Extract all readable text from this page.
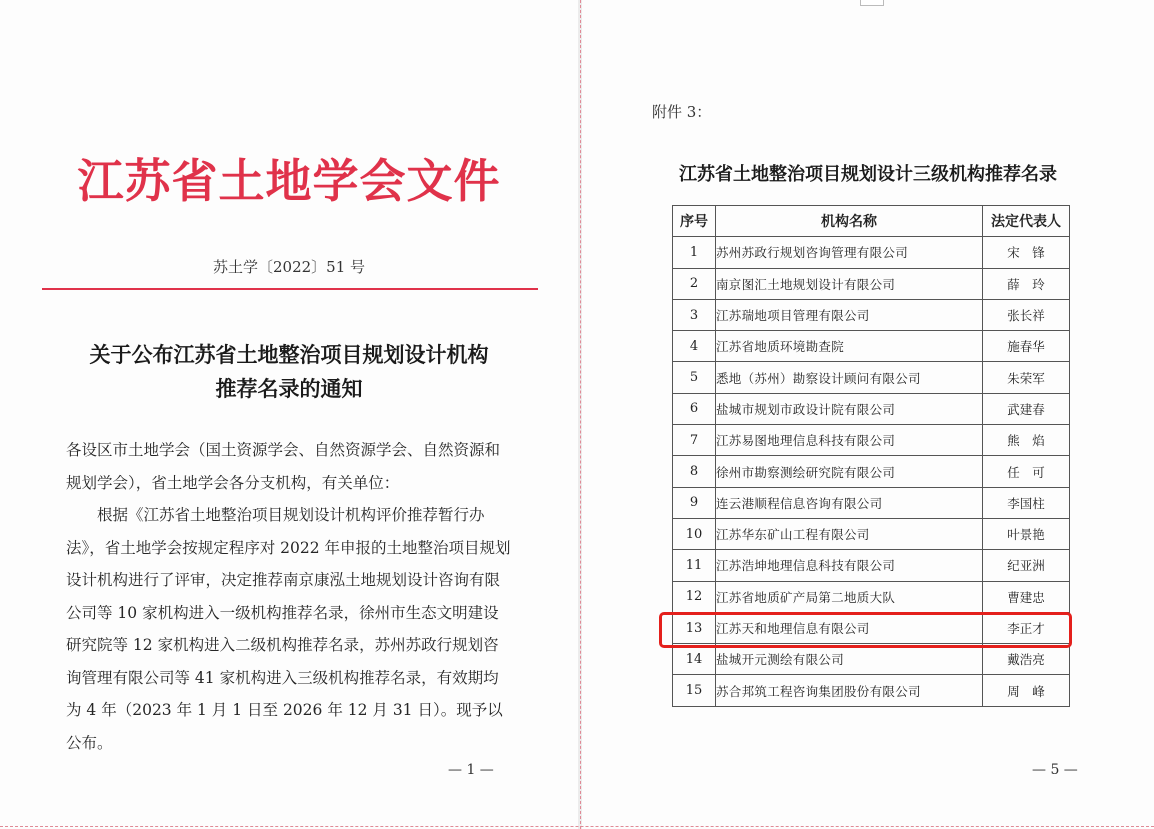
江苏省土地学会文件
苏土学〔2022〕51 号
关于公布江苏省土地整治项目规划设计机构
推荐名录的通知

各设区市土地学会（国土资源学会、自然资源学会、自然资源和规划学会），省土地学会各分支机构，有关单位：

根据《江苏省土地整治项目规划设计机构评价推荐暂行办法》，省土地学会按规定程序对 2022 年申报的土地整治项目规划设计机构进行了评审，决定推荐南京康泓土地规划设计咨询有限公司等 10 家机构进入一级机构推荐名录，徐州市生态文明建设研究院等 12 家机构进入二级机构推荐名录，苏州苏政行规划咨询管理有限公司等 41 家机构进入三级机构推荐名录，有效期均为 4 年（2023 年 1 月 1 日至 2026 年 12 月 31 日）。现予以公布。

— 1 —
附件 3：
江苏省土地整治项目规划设计三级机构推荐名录
序号	机构名称	法定代表人
1	苏州苏政行规划咨询管理有限公司	宋　锋
2	南京图汇土地规划设计有限公司	薛　玲
3	江苏瑞地项目管理有限公司	张长祥
4	江苏省地质环境勘查院	施春华
5	悉地（苏州）勘察设计顾问有限公司	朱荣军
6	盐城市规划市政设计院有限公司	武建春
7	江苏易图地理信息科技有限公司	熊　焰
8	徐州市勘察测绘研究院有限公司	任　可
9	连云港顺程信息咨询有限公司	李国柱
10	江苏华东矿山工程有限公司	叶景艳
11	江苏浩坤地理信息科技有限公司	纪亚洲
12	江苏省地质矿产局第二地质大队	曹建忠
13	江苏天和地理信息有限公司	李正才
14	盐城开元测绘有限公司	戴浩亮
15	苏合邦筑工程咨询集团股份有限公司	周　峰
— 5 —
